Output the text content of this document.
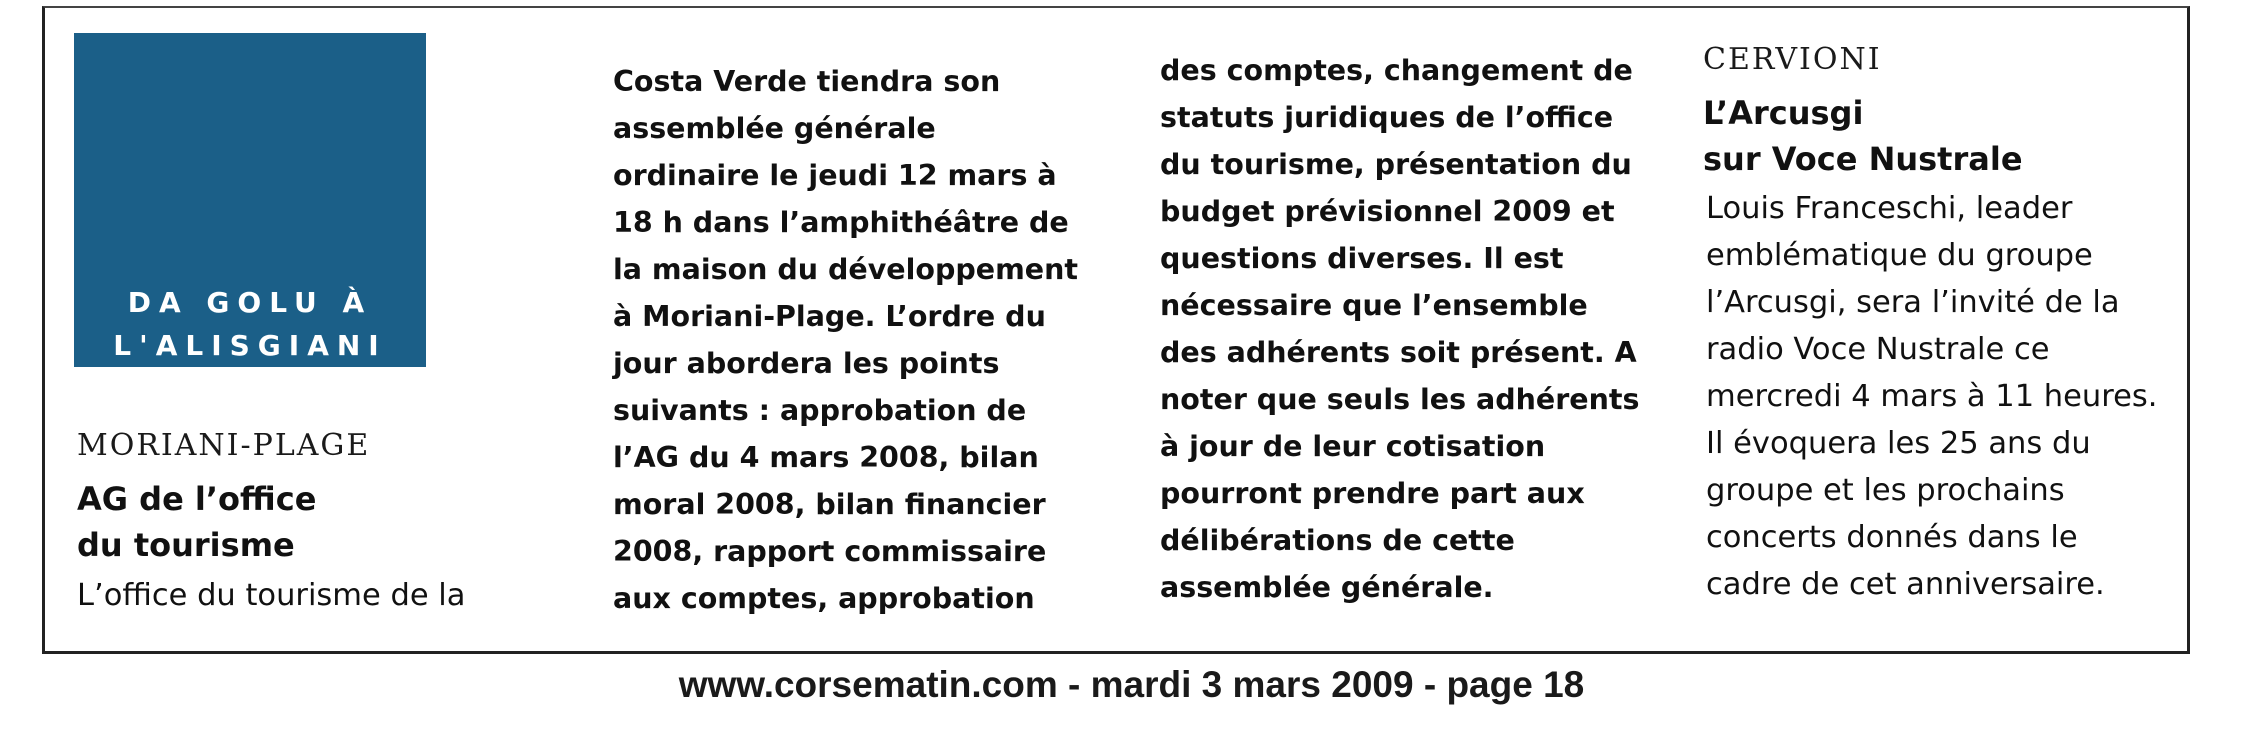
DA GOLU À
L'ALISGIANI
MORIANI-PLAGE
AG de l’office
du tourisme
L’office du tourisme de la
Costa Verde tiendra son
assemblée générale
ordinaire le jeudi 12 mars à
18 h dans l’amphithéâtre de
la maison du développement
à Moriani-Plage. L’ordre du
jour abordera les points
suivants : approbation de
l’AG du 4 mars 2008, bilan
moral 2008, bilan financier
2008, rapport commissaire
aux comptes, approbation
des comptes, changement de
statuts juridiques de l’office
du tourisme, présentation du
budget prévisionnel 2009 et
questions diverses. Il est
nécessaire que l’ensemble
des adhérents soit présent. A
noter que seuls les adhérents
à jour de leur cotisation
pourront prendre part aux
délibérations de cette
assemblée générale.
CERVIONI
L’Arcusgi
sur Voce Nustrale
Louis Franceschi, leader
emblématique du groupe
l’Arcusgi, sera l’invité de la
radio Voce Nustrale ce
mercredi 4 mars à 11 heures.
Il évoquera les 25 ans du
groupe et les prochains
concerts donnés dans le
cadre de cet anniversaire.
www.corsematin.com - mardi 3 mars 2009 - page 18
